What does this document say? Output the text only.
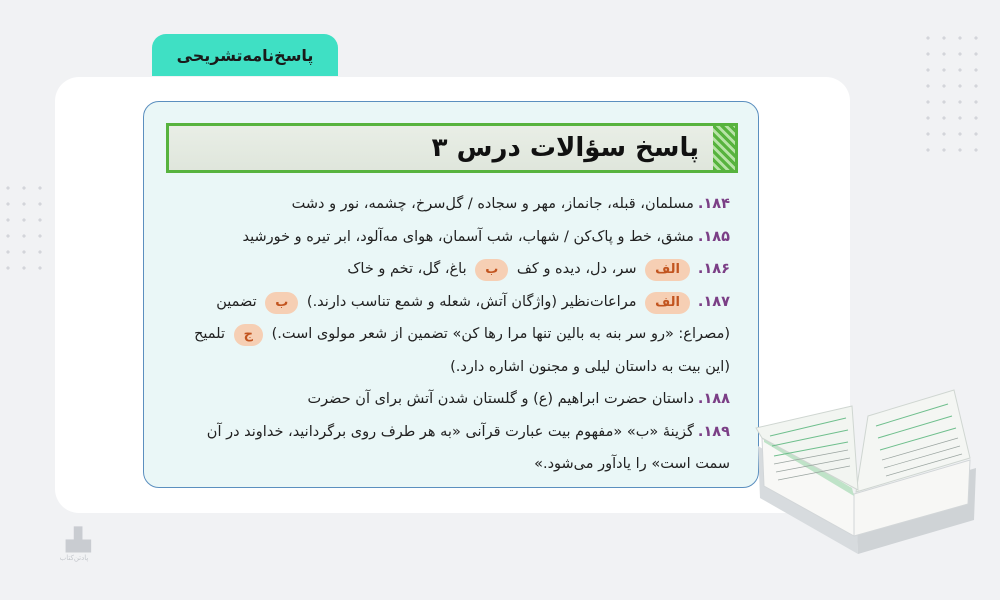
پاسخ‌نامه‌تشریحی
پاسخ سؤالات درس ۳
۱۸۴.مسلمان، قبله، جانماز، مهر و سجاده / گل‌سرخ، چشمه، نور و دشت
۱۸۵.مشق، خط و پاک‌کن / شهاب، شب آسمان، هوای مه‌آلود، ابر تیره و خورشید
۱۸۶.الف سر، دل، دیده و کف ب باغ، گل، تخم و خاک
۱۸۷.الف مراعات‌نظیر (واژگان آتش، شعله و شمع تناسب دارند.) ب تضمین
(مصراع: «رو سر بنه به بالین تنها مرا رها کن» تضمین از شعر مولوی است.) ج تلمیح
(این بیت به داستان لیلی و مجنون اشاره دارد.)
۱۸۸.داستان حضرت ابراهیم (ع) و گلستان شدن آتش برای آن حضرت
۱۸۹.گزینهٔ «ب» «مفهوم بیت عبارت قرآنی «به هر طرف روی برگردانید، خداوند در آن
سمت است» را یادآور می‌شود.»
▗▙
پادتن‌کتاب
